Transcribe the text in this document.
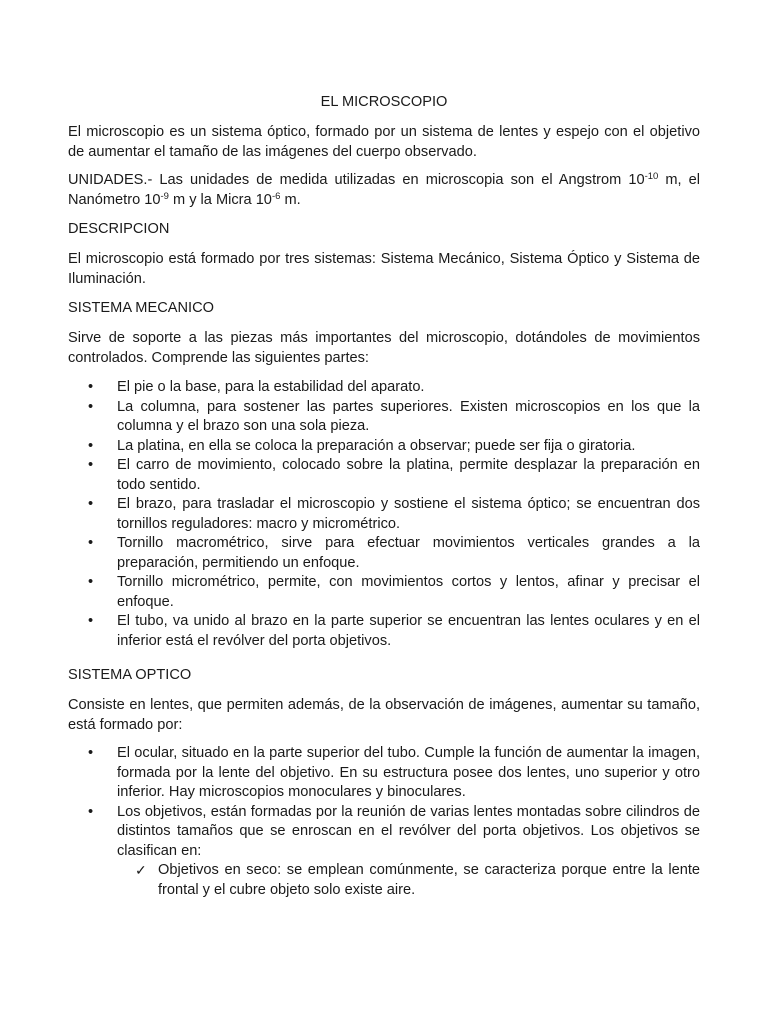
EL MICROSCOPIO

El microscopio es un sistema óptico, formado por un sistema de lentes y espejo con el objetivo de aumentar el tamaño de las imágenes del cuerpo observado.

UNIDADES.- Las unidades de medida utilizadas en microscopia son el Angstrom $10^{-10}$ m, el Nanómetro $10^{-9}$ m y la Micra $10^{-6}$ m.

DESCRIPCION

El microscopio está formado por tres sistemas: Sistema Mecánico, Sistema Óptico y Sistema de Iluminación.

SISTEMA MECANICO

Sirve de soporte a las piezas más importantes del microscopio, dotándoles de movimientos controlados. Comprende las siguientes partes:

• El pie o la base, para la estabilidad del aparato.
• La columna, para sostener las partes superiores. Existen microscopios en los que la columna y el brazo son una sola pieza.
• La platina, en ella se coloca la preparación a observar; puede ser fija o giratoria.
• El carro de movimiento, colocado sobre la platina, permite desplazar la preparación en todo sentido.
• El brazo, para trasladar el microscopio y sostiene el sistema óptico; se encuentran dos tornillos reguladores: macro y micrométrico.
• Tornillo macrométrico, sirve para efectuar movimientos verticales grandes a la preparación, permitiendo un enfoque.
• Tornillo micrométrico, permite, con movimientos cortos y lentos, afinar y precisar el enfoque.
• El tubo, va unido al brazo en la parte superior se encuentran las lentes oculares y en el inferior está el revólver del porta objetivos.
SISTEMA OPTICO

Consiste en lentes, que permiten además, de la observación de imágenes, aumentar su tamaño, está formado por:

• El ocular, situado en la parte superior del tubo. Cumple la función de aumentar la imagen, formada por la lente del objetivo. En su estructura posee dos lentes, uno superior y otro inferior. Hay microscopios monoculares y binoculares.
• Los objetivos, están formadas por la reunión de varias lentes montadas sobre cilindros de distintos tamaños que se enroscan en el revólver del porta objetivos. Los objetivos se clasifican en:
✓ Objetivos en seco: se emplean comúnmente, se caracteriza porque entre la lente frontal y el cubre objeto solo existe aire.
